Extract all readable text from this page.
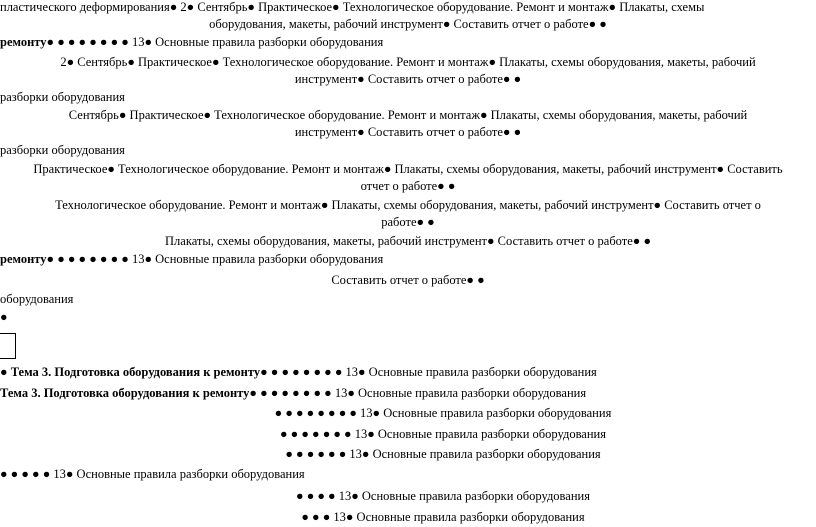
пластического деформирования● 2● Сентябрь● Практическое● Технологическое оборудование. Ремонт и монтаж● Плакаты, схемы
оборудования, макеты, рабочий инструмент● Составить отчет о работе● ●
ремонту● ● ● ● ● ● ● ● 13● Основные правила разборки оборудования
2● Сентябрь● Практическое● Технологическое оборудование. Ремонт и монтаж● Плакаты, схемы оборудования, макеты, рабочий
инструмент● Составить отчет о работе● ●
разборки оборудования
Сентябрь● Практическое● Технологическое оборудование. Ремонт и монтаж● Плакаты, схемы оборудования, макеты, рабочий
инструмент● Составить отчет о работе● ●
разборки оборудования
Практическое● Технологическое оборудование. Ремонт и монтаж● Плакаты, схемы оборудования, макеты, рабочий инструмент● Составить
отчет о работе● ●
Технологическое оборудование. Ремонт и монтаж● Плакаты, схемы оборудования, макеты, рабочий инструмент● Составить отчет о
работе● ●
Плакаты, схемы оборудования, макеты, рабочий инструмент● Составить отчет о работе● ●
ремонту● ● ● ● ● ● ● ● 13● Основные правила разборки оборудования
Составить отчет о работе● ●
оборудования
●
● Тема 3. Подготовка оборудования к ремонту● ● ● ● ● ● ● ● 13● Основные правила разборки оборудования
Тема 3. Подготовка оборудования к ремонту● ● ● ● ● ● ● ● 13● Основные правила разборки оборудования
● ● ● ● ● ● ● ● 13● Основные правила разборки оборудования
● ● ● ● ● ● ● 13● Основные правила разборки оборудования
● ● ● ● ● ● 13● Основные правила разборки оборудования
● ● ● ● ● 13● Основные правила разборки оборудования
● ● ● ● 13● Основные правила разборки оборудования
● ● ● 13● Основные правила разборки оборудования
